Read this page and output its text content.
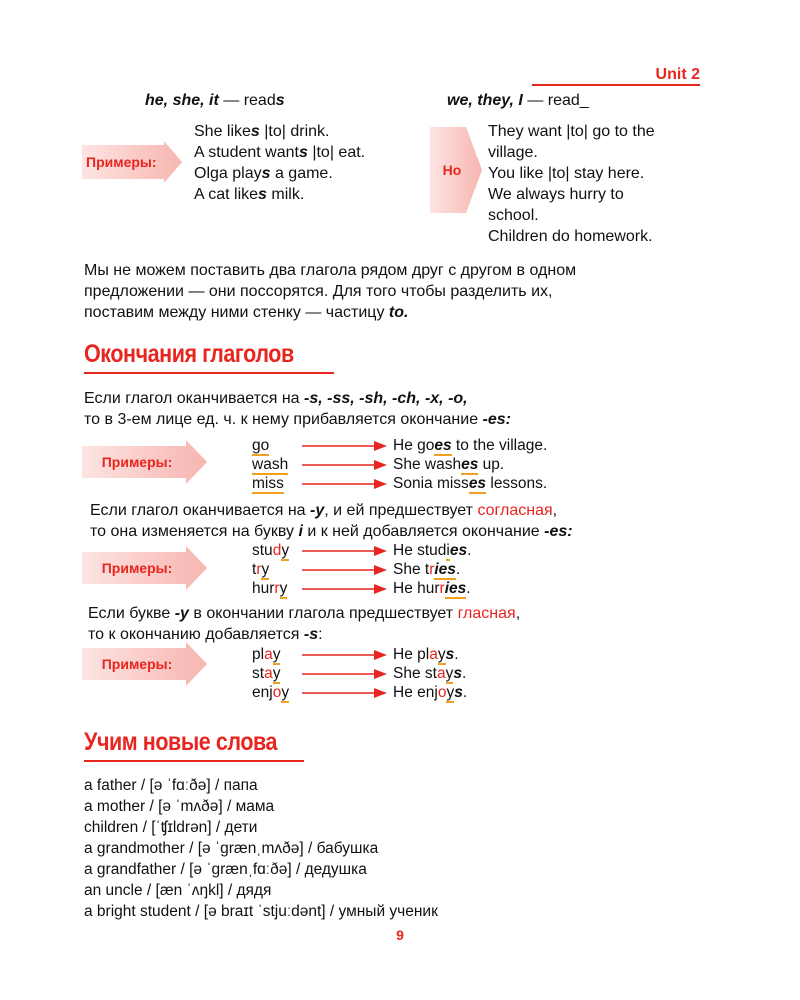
Unit 2
he, she, it — reads	we, they, I — read_
Примеры:
She likes |to| drink.
A student wants |to| eat.
Olga plays a game.
A cat likes milk.
Но
They want |to| go to the
village.
You like |to| stay here.
We always hurry to
school.
Children do homework.
Мы не можем поставить два глагола рядом друг с другом в одном
предложении — они поссорятся. Для того чтобы разделить их,
поставим между ними стенку — частицу to.
Окончания глаголов
Если глагол оканчивается на -s, -ss, -sh, -ch, -x, -o,
то в 3-ем лице ед. ч. к нему прибавляется окончание -es:
Примеры:
go	He goes to the village.
wash	She washes up.
miss	Sonia misses lessons.
Если глагол оканчивается на -y, и ей предшествует согласная,
то она изменяется на букву i и к ней добавляется окончание -es:
Примеры:
study	He studies.
try	She tries.
hurry	He hurries.
Если букве -y в окончании глагола предшествует гласная,
то к окончанию добавляется -s:
Примеры:
play	He plays.
stay	She stays.
enjoy	He enjoys.
Учим новые слова
a father / [ə ˈfɑːðə] / папа
a mother / [ə ˈmʌðə] / мама
children / [ˈʧɪldrən] / дети
a grandmother / [ə ˈgrænˌmʌðə] / бабушка
a grandfather / [ə ˈgrænˌfɑːðə] / дедушка
an uncle / [æn ˈʌŋkl] / дядя
a bright student / [ə braɪt ˈstjuːdənt] / умный ученик
9
